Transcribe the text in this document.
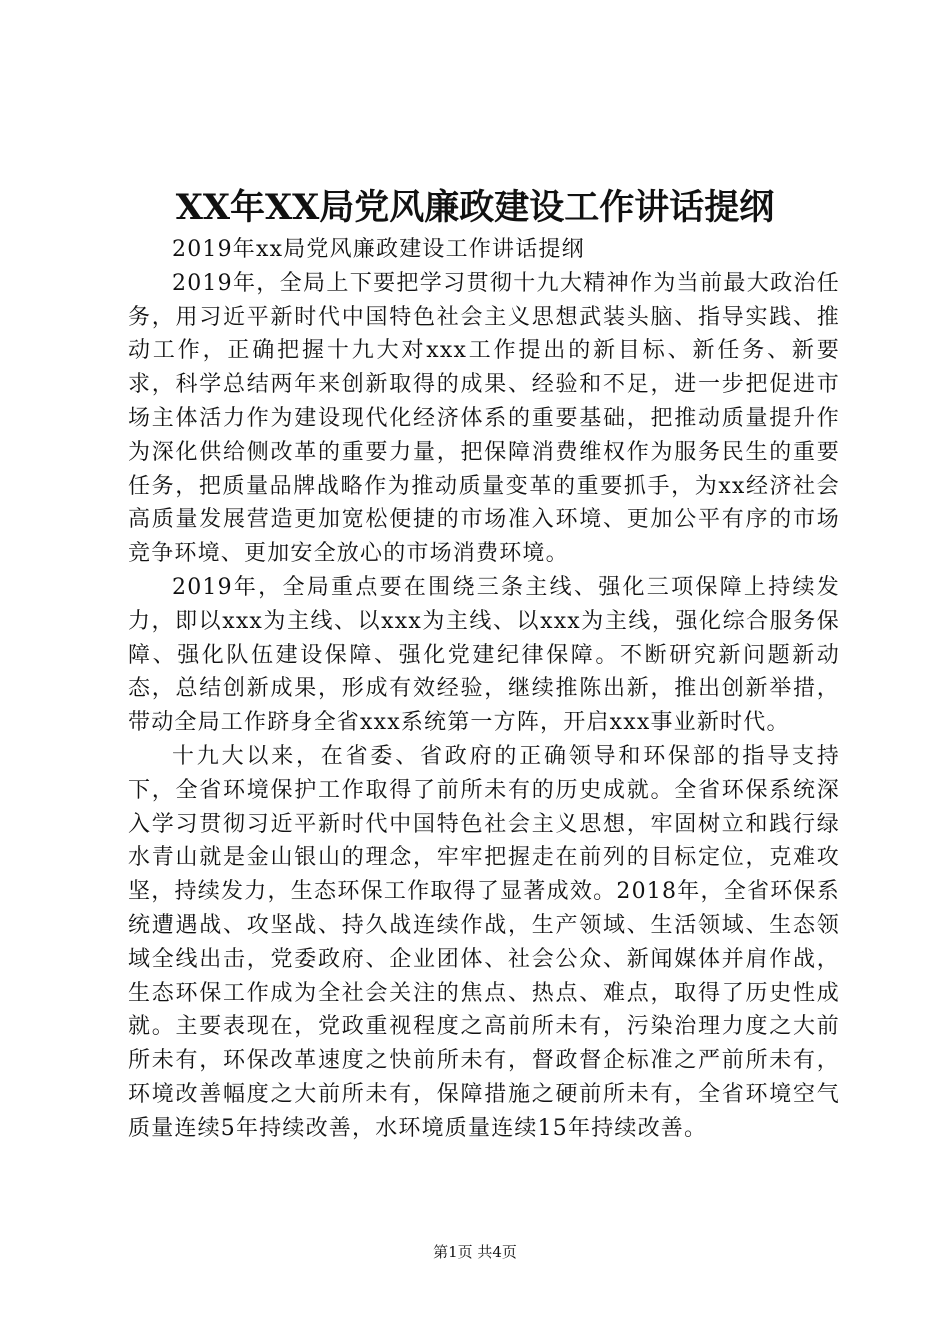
XX年XX局党风廉政建设工作讲话提纲

2019年xx局党风廉政建设工作讲话提纲

2019年，全局上下要把学习贯彻十九大精神作为当前最大政治任务，用习近平新时代中国特色社会主义思想武装头脑、指导实践、推动工作，正确把握十九大对xxx工作提出的新目标、新任务、新要求，科学总结两年来创新取得的成果、经验和不足，进一步把促进市场主体活力作为建设现代化经济体系的重要基础，把推动质量提升作为深化供给侧改革的重要力量，把保障消费维权作为服务民生的重要任务，把质量品牌战略作为推动质量变革的重要抓手，为xx经济社会高质量发展营造更加宽松便捷的市场准入环境、更加公平有序的市场竞争环境、更加安全放心的市场消费环境。

2019年，全局重点要在围绕三条主线、强化三项保障上持续发力，即以xxx为主线、以xxx为主线、以xxx为主线，强化综合服务保障、强化队伍建设保障、强化党建纪律保障。不断研究新问题新动态，总结创新成果，形成有效经验，继续推陈出新，推出创新举措，带动全局工作跻身全省xxx系统第一方阵，开启xxx事业新时代。

十九大以来，在省委、省政府的正确领导和环保部的指导支持下，全省环境保护工作取得了前所未有的历史成就。全省环保系统深入学习贯彻习近平新时代中国特色社会主义思想，牢固树立和践行绿水青山就是金山银山的理念，牢牢把握走在前列的目标定位，克难攻坚，持续发力，生态环保工作取得了显著成效。2018年，全省环保系统遭遇战、攻坚战、持久战连续作战，生产领域、生活领域、生态领域全线出击，党委政府、企业团体、社会公众、新闻媒体并肩作战，生态环保工作成为全社会关注的焦点、热点、难点，取得了历史性成就。主要表现在，党政重视程度之高前所未有，污染治理力度之大前所未有，环保改革速度之快前所未有，督政督企标准之严前所未有，环境改善幅度之大前所未有，保障措施之硬前所未有，全省环境空气质量连续5年持续改善，水环境质量连续15年持续改善。

第1页 共4页
